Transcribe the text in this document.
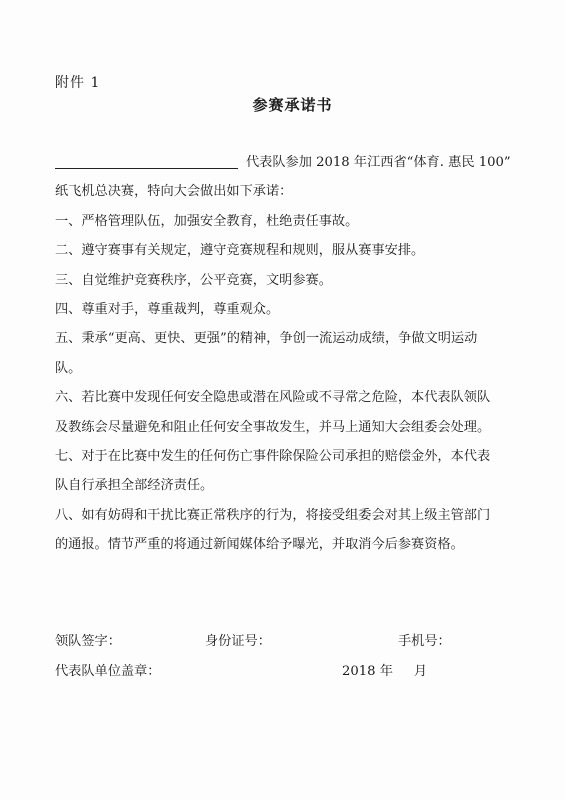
附件 1
参赛承诺书
代表队参加 2018 年江西省“体育. 惠民 100”
纸飞机总决赛，特向大会做出如下承诺：
一、严格管理队伍，加强安全教育，杜绝责任事故。
二、遵守赛事有关规定，遵守竞赛规程和规则，服从赛事安排。
三、自觉维护竞赛秩序，公平竞赛，文明参赛。
四、尊重对手，尊重裁判，尊重观众。
五、秉承“更高、更快、更强”的精神，争创一流运动成绩，争做文明运动
队。
六、若比赛中发现任何安全隐患或潜在风险或不寻常之危险，本代表队领队
及教练会尽量避免和阻止任何安全事故发生，并马上通知大会组委会处理。
七、对于在比赛中发生的任何伤亡事件除保险公司承担的赔偿金外，本代表
队自行承担全部经济责任。
八、如有妨碍和干扰比赛正常秩序的行为，将接受组委会对其上级主管部门
的通报。情节严重的将通过新闻媒体给予曝光，并取消今后参赛资格。
领队签字：	身份证号：	手机号：
代表队单位盖章：	2018 年     月
